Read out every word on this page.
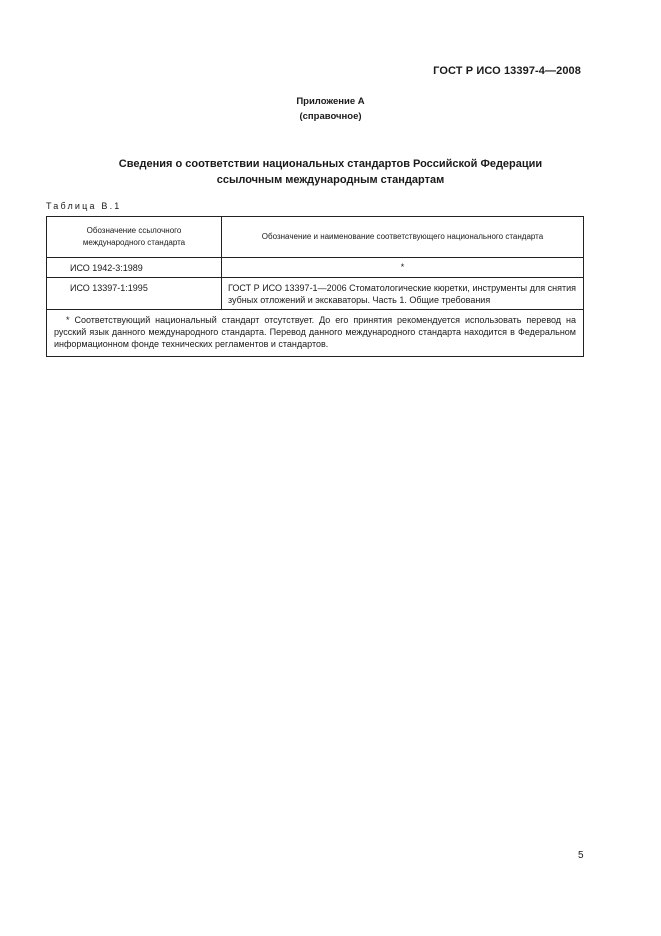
ГОСТ Р ИСО 13397-4—2008
Приложение А
(справочное)
Сведения о соответствии национальных стандартов Российской Федерации
ссылочным международным стандартам
Таблица В.1
Обозначение ссылочного международного стандарта	Обозначение и наименование соответствующего национального стандарта
ИСО 1942-3:1989	*
ИСО 13397-1:1995	ГОСТ Р ИСО 13397-1—2006 Стоматологические кюретки, инструменты для снятия зубных отложений и экскаваторы. Часть 1. Общие требования
* Соответствующий национальный стандарт отсутствует. До его принятия рекомендуется использовать перевод на русский язык данного международного стандарта. Перевод данного международного стандарта находится в Федеральном информационном фонде технических регламентов и стандартов.	
5
